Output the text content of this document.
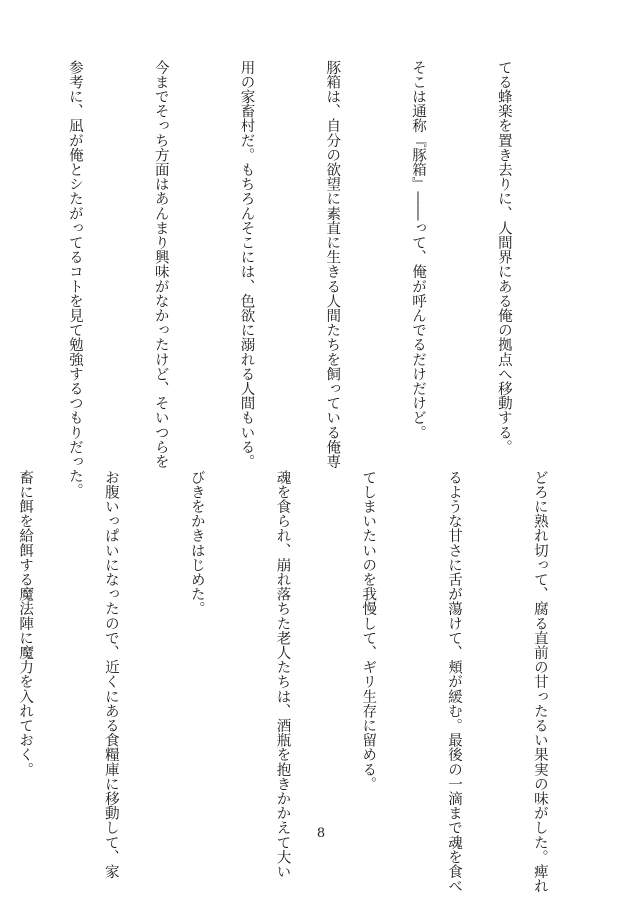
てる蜂楽を置き去りに、人間界にある俺の拠点へ移動する。

そこは通称『豚箱』――って、俺が呼んでるだけだけど。

豚箱は、自分の欲望に素直に生きる人間たちを飼っている俺専

用の家畜村だ。もちろんそこには、色欲に溺れる人間もいる。

今までそっち方面はあんまり興味がなかったけど、そいつらを

参考に、凪が俺とシたがってるコトを見て勉強するつもりだった。

どろに熟れ切って、腐る直前の甘ったるい果実の味がした。痺れ

るような甘さに舌が蕩けて、頬が緩む。最後の一滴まで魂を食べ

てしまいたいのを我慢して、ギリ生存に留める。

魂を食られ、崩れ落ちた老人たちは、酒瓶を抱きかかえて大い

びきをかきはじめた。

お腹いっぱいになったので、近くにある食糧庫に移動して、家

畜に餌を給餌する魔法陣に魔力を入れておく。

8
